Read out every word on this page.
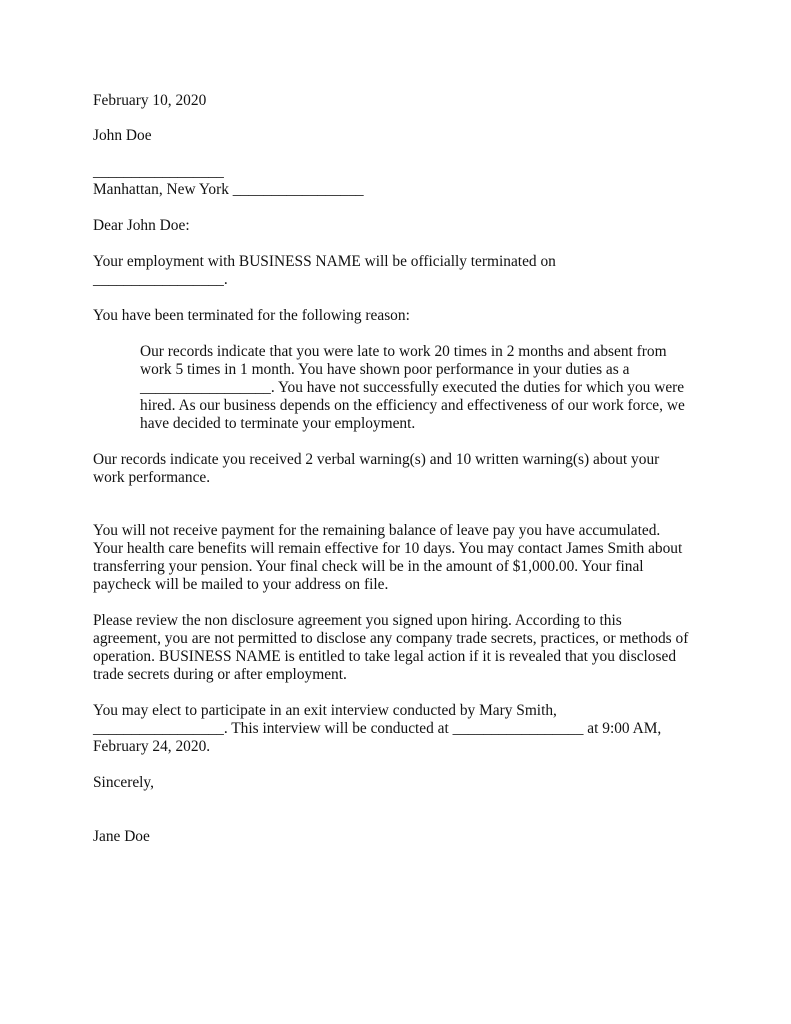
February 10, 2020

John Doe

_________________

Manhattan, New York _________________

Dear John Doe:

Your employment with BUSINESS NAME will be officially terminated on

_________________.

You have been terminated for the following reason:

Our records indicate that you were late to work 20 times in 2 months and absent from

work 5 times in 1 month. You have shown poor performance in your duties as a

_________________. You have not successfully executed the duties for which you were

hired. As our business depends on the efficiency and effectiveness of our work force, we

have decided to terminate your employment.

Our records indicate you received 2 verbal warning(s) and 10 written warning(s) about your

work performance.

You will not receive payment for the remaining balance of leave pay you have accumulated.

Your health care benefits will remain effective for 10 days. You may contact James Smith about

transferring your pension. Your final check will be in the amount of $1,000.00. Your final

paycheck will be mailed to your address on file.

Please review the non disclosure agreement you signed upon hiring. According to this

agreement, you are not permitted to disclose any company trade secrets, practices, or methods of

operation. BUSINESS NAME is entitled to take legal action if it is revealed that you disclosed

trade secrets during or after employment.

You may elect to participate in an exit interview conducted by Mary Smith,

_________________. This interview will be conducted at _________________ at 9:00 AM,

February 24, 2020.

Sincerely,

Jane Doe
